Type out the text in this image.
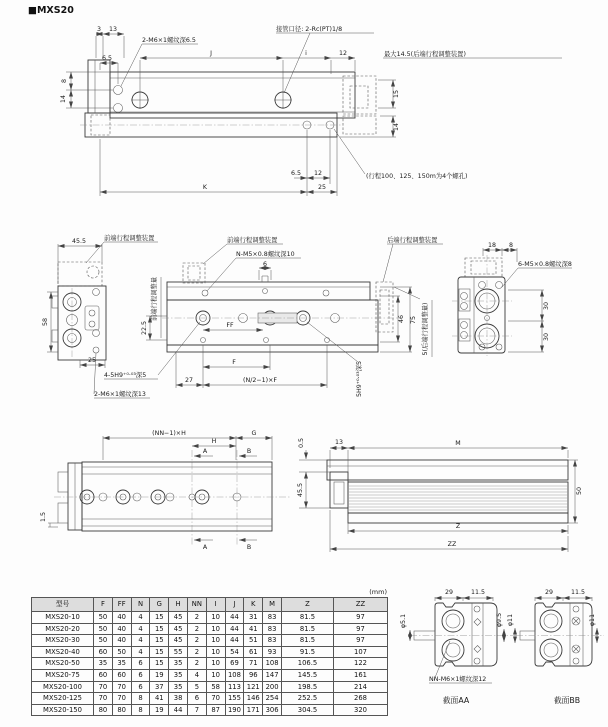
■MXS20
3 13
2-M6×1螺纹深6.5
接管口径: 2-Rc(PT)1/8
J	i	12	最大14.5(后端行程调整装置)
6.5
8
14
15
14
6.5 12
K	25
(行程100、125、150m为4个螺孔)
45.5	前端行程调整装置
58
25
2-M6×1螺纹深13
前端行程调整装置
N-M5×0.8螺纹深10
6
后端行程调整装置
前端行程调整量
22.5	FF
F
27	(N/2−1)×F
4-5H9⁺⁰·⁰³深5	5H9⁺⁰·⁰³深5
46 75 5(后端行程调整量)
18 8
6-M5×0.8螺纹深8
30
30
(NN−1)×H	G
H
A	B
A	B
1.5
13	M
0.5
45.5	50
Z
ZZ
29	11.5
φ5.1	φ9.5 φ11
NN-M6×1螺纹深12
截面AA
29	11.5
φ11
截面BB
(mm)
型号	F	FF	N	G	H	NN	I	J	K	M	Z	ZZ
MXS20-10	50	40	4	15	45	2	10	44	31	83	81.5	97
MXS20-20	50	40	4	15	45	2	10	44	41	83	81.5	97
MXS20-30	50	40	4	15	45	2	10	44	51	83	81.5	97
MXS20-40	60	50	4	15	55	2	10	54	61	93	91.5	107
MXS20-50	35	35	6	15	35	2	10	69	71	108	106.5	122
MXS20-75	60	60	6	19	35	4	10	108	96	147	145.5	161
MXS20-100	70	70	6	37	35	5	58	113	121	200	198.5	214
MXS20-125	70	70	8	41	38	6	70	155	146	254	252.5	268
MXS20-150	80	80	8	19	44	7	87	190	171	306	304.5	320
